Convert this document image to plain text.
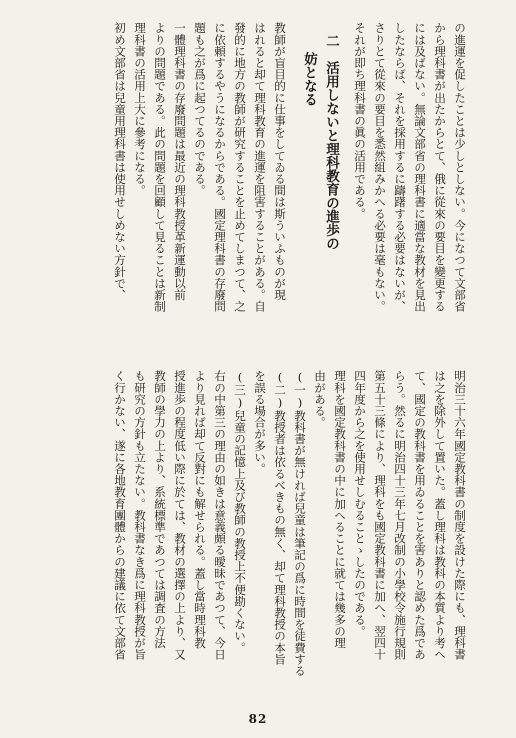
の進運を促したことは少しとしない。今になつて文部省
から理科書が出たからとて、俄に從來の要目を變更する
には及ばない。無論文部省の理科書に適當な教材を見出
したならば、それを採用するに躊躇する必要はないが、
さりとて從來の要目を悉然組みかへる必要は毫もない。
それが即ち理科書の眞の活用である。
二　活用しないと理科教育の進歩の
妨となる
教師が盲目的に仕事をしてゐる間は斯ういふものが現
はれると却て理科教育の進運を阻害することがある。自
發的に地方の教師が研究することを止めてしまつて、之
に依頼するやうになるからである。國定理科書の存廢問
題も之が爲に起つてるのである。
一體理科書の存廢問題は最近の理科教授革新運動以前
よりの問題である。此の問題を回顧して見ることは新制
理科書の活用上大に參考になる。
初め文部省は兒童用理科書は使用せしめない方針で、
明治三十六年國定教科書の制度を設けた際にも、理科書
は之を除外して置いた。蓋し理科は教科の本質より考へ
て、國定の教科書を用ゐることを害ありと認めた爲であ
らう。然るに明治四十三年七月改制の小學校令施行規則
第五十三條により、理科をも國定教科書に加へ、翌四十
四年度から之を使用せしむることゝしたのである。
理科を國定教科書の中に加へることに就ては幾多の理
由がある。
(一)教科書が無ければ兒童は筆記の爲に時間を徒費する
(二)教授者は依るべきもの無く、却て理科教授の本旨
を誤る場合が多い。
(三)兒童の記憶上及び教師の教授上不便勘くない。
右の中第三の理由の如きは意義頗る曖昧であつて、今日
より見れば却て反對にも解せられる。蓋し當時理科教
授進歩の程度低い際に於ては、教材の選擇の上より、又
教師の學力の上より、系統標準であつては調査の方法
も研究の方針も立たない。教科書なき爲に理科教授が旨
く行かない、遂に各地教育團體からの建議に依て文部省
82
